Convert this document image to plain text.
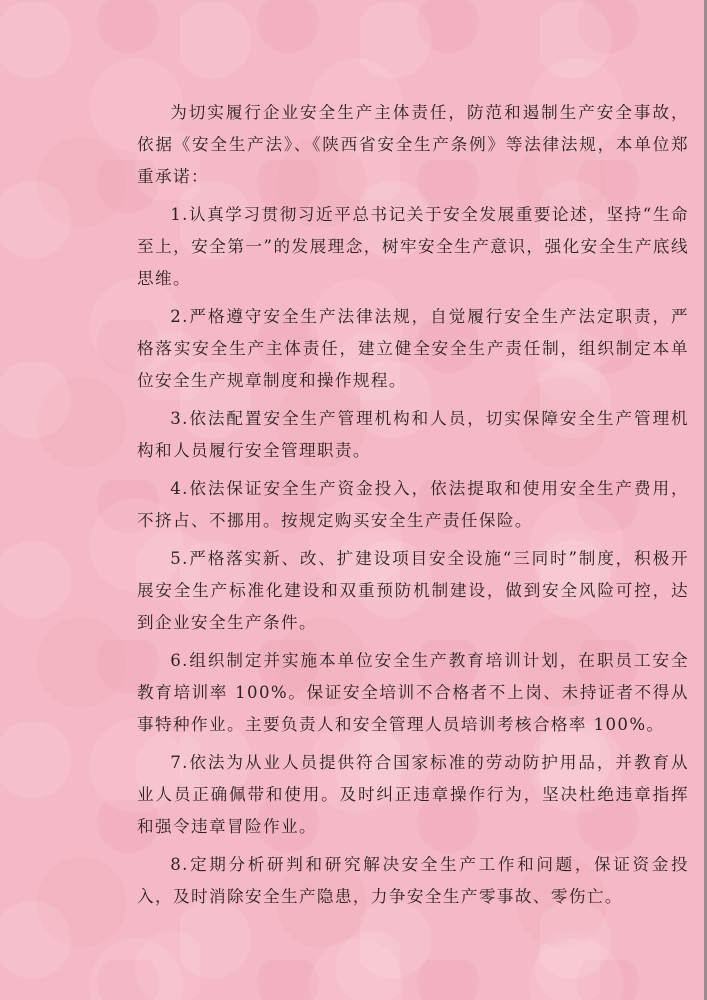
为切实履行企业安全生产主体责任，防范和遏制生产安全事故，依据《安全生产法》、《陕西省安全生产条例》等法律法规，本单位郑重承诺：

1.认真学习贯彻习近平总书记关于安全发展重要论述，坚持“生命至上，安全第一”的发展理念，树牢安全生产意识，强化安全生产底线思维。

2.严格遵守安全生产法律法规，自觉履行安全生产法定职责，严格落实安全生产主体责任，建立健全安全生产责任制，组织制定本单位安全生产规章制度和操作规程。

3.依法配置安全生产管理机构和人员，切实保障安全生产管理机构和人员履行安全管理职责。

4.依法保证安全生产资金投入，依法提取和使用安全生产费用，不挤占、不挪用。按规定购买安全生产责任保险。

5.严格落实新、改、扩建设项目安全设施“三同时”制度，积极开展安全生产标准化建设和双重预防机制建设，做到安全风险可控，达到企业安全生产条件。

6.组织制定并实施本单位安全生产教育培训计划，在职员工安全教育培训率 100%。保证安全培训不合格者不上岗、未持证者不得从事特种作业。主要负责人和安全管理人员培训考核合格率 100%。

7.依法为从业人员提供符合国家标准的劳动防护用品，并教育从业人员正确佩带和使用。及时纠正违章操作行为，坚决杜绝违章指挥和强令违章冒险作业。

8.定期分析研判和研究解决安全生产工作和问题，保证资金投入，及时消除安全生产隐患，力争安全生产零事故、零伤亡。
